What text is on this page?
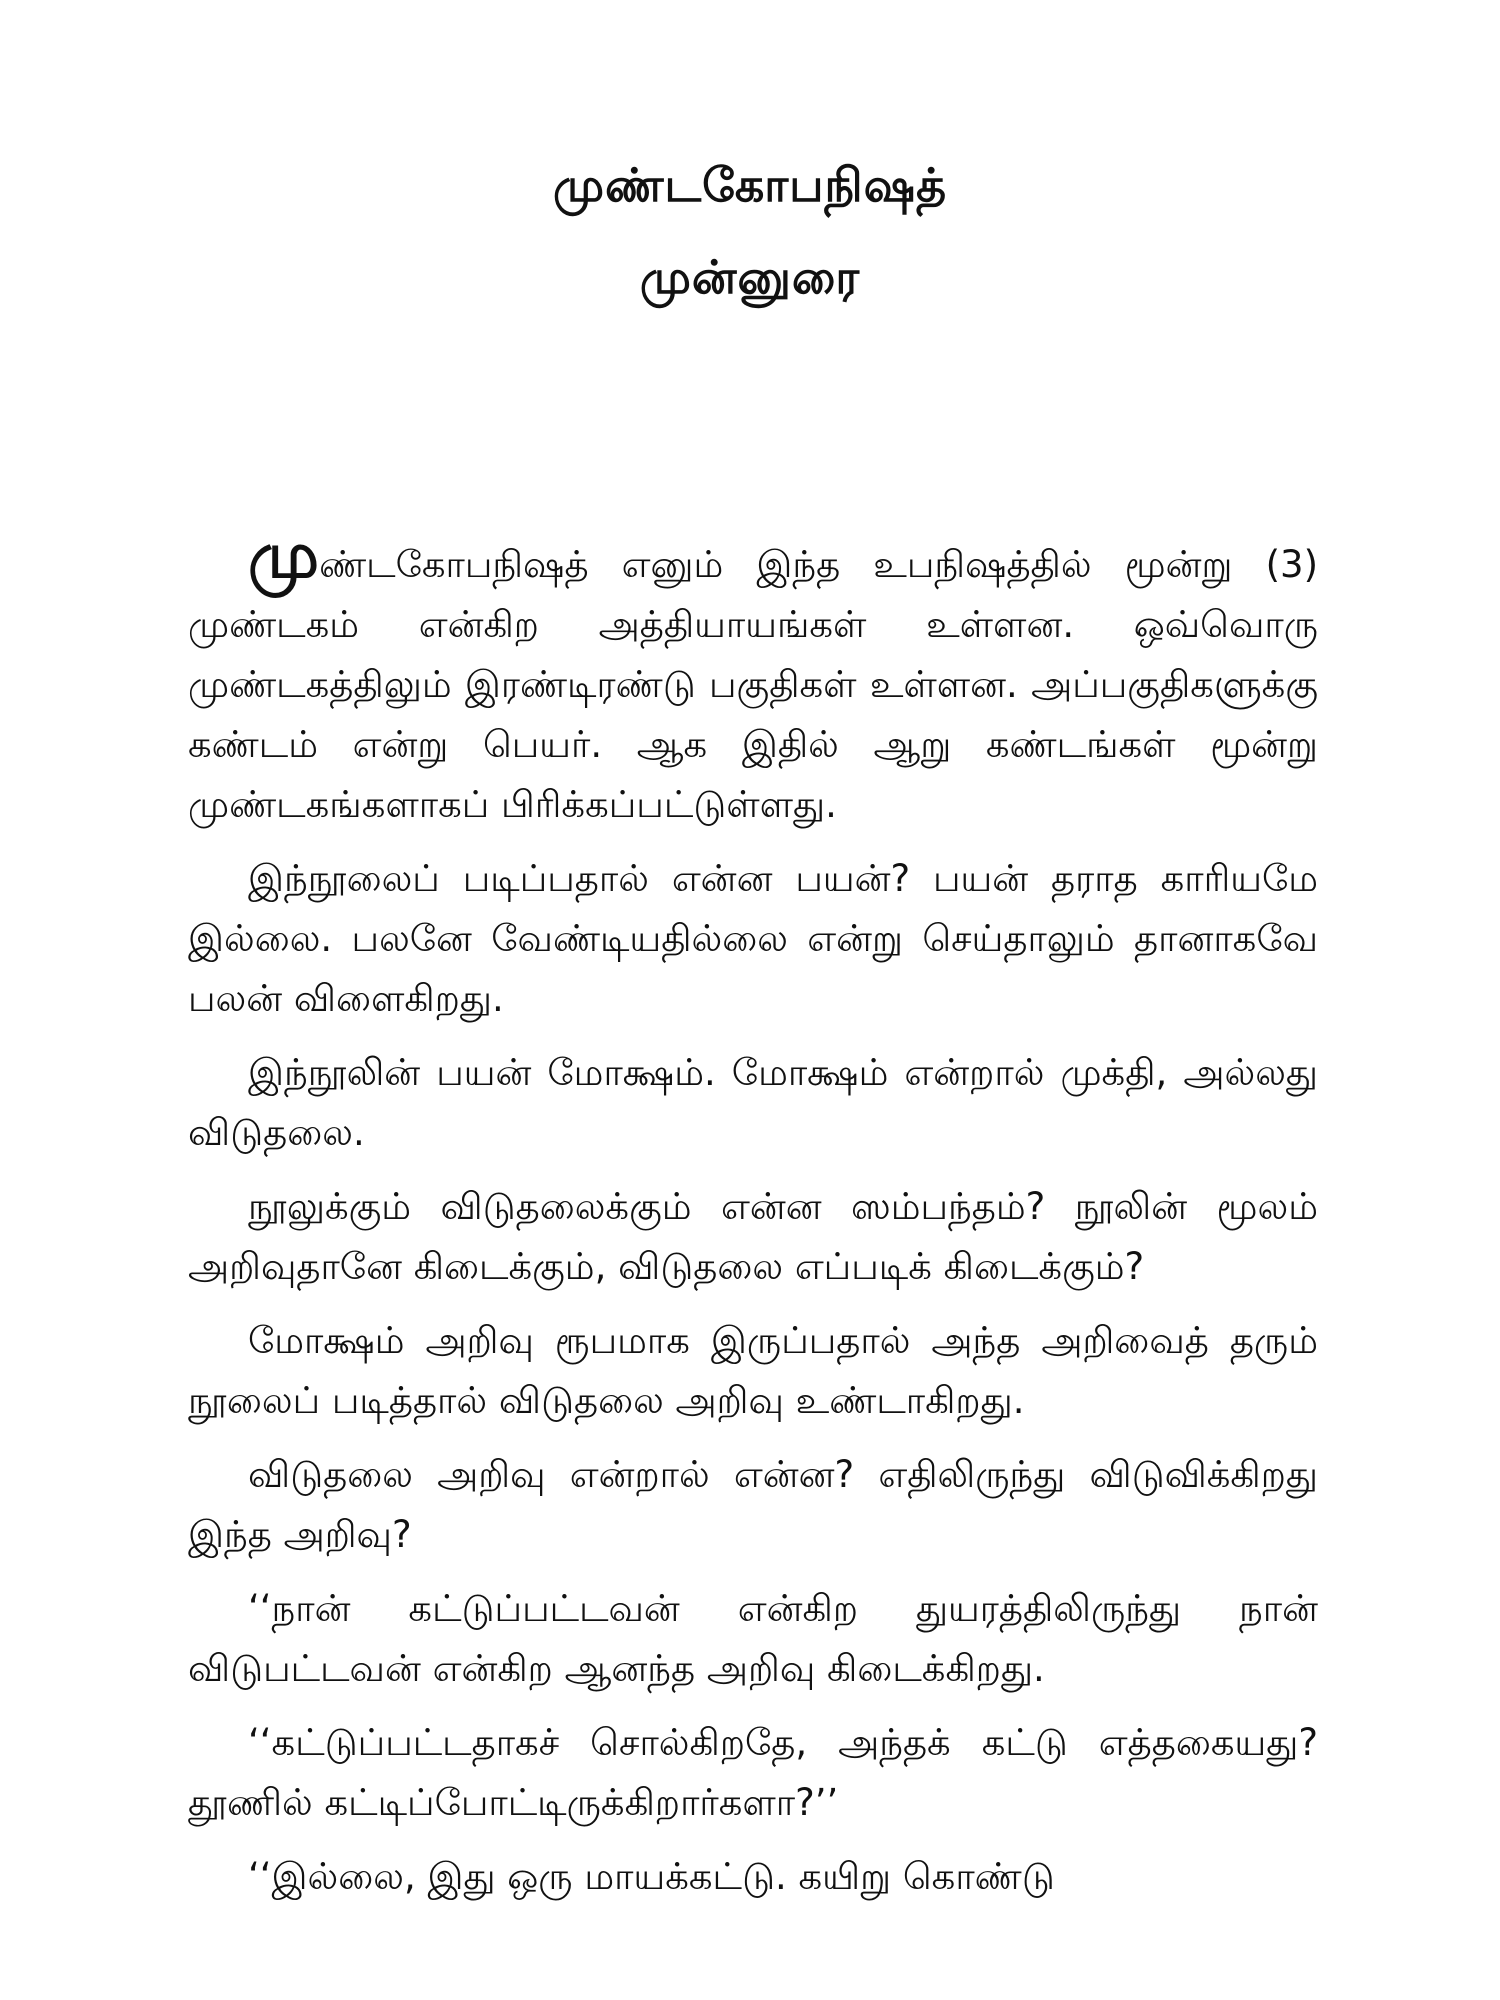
முண்டகோபநிஷத்
முன்னுரை

முண்டகோபநிஷத் எனும் இந்த உபநிஷத்தில் மூன்று (3) முண்டகம் என்கிற அத்தியாயங்கள் உள்ளன. ஒவ்வொரு முண்டகத்திலும் இரண்டிரண்டு பகுதிகள் உள்ளன. அப்பகுதிகளுக்கு கண்டம் என்று பெயர். ஆக இதில் ஆறு கண்டங்கள் மூன்று முண்டகங்களாகப் பிரிக்கப்பட்டுள்ளது.

இந்நூலைப் படிப்பதால் என்ன பயன்? பயன் தராத காரியமே இல்லை. பலனே வேண்டியதில்லை என்று செய்தாலும் தானாகவே பலன் விளைகிறது.

இந்நூலின் பயன் மோக்ஷம். மோக்ஷம் என்றால் முக்தி, அல்லது விடுதலை.

நூலுக்கும் விடுதலைக்கும் என்ன ஸம்பந்தம்? நூலின் மூலம் அறிவுதானே கிடைக்கும், விடுதலை எப்படிக் கிடைக்கும்?

மோக்ஷம் அறிவு ரூபமாக இருப்பதால் அந்த அறிவைத் தரும் நூலைப் படித்தால் விடுதலை அறிவு உண்டாகிறது.

விடுதலை அறிவு என்றால் என்ன? எதிலிருந்து விடுவிக்கிறது இந்த அறிவு?

‘‘நான் கட்டுப்பட்டவன் என்கிற துயரத்திலிருந்து நான் விடுபட்டவன் என்கிற ஆனந்த அறிவு கிடைக்கிறது.

‘‘கட்டுப்பட்டதாகச் சொல்கிறதே, அந்தக் கட்டு எத்தகையது? தூணில் கட்டிப்போட்டிருக்கிறார்களா?’’

‘‘இல்லை, இது ஒரு மாயக்கட்டு. கயிறு கொண்டு
